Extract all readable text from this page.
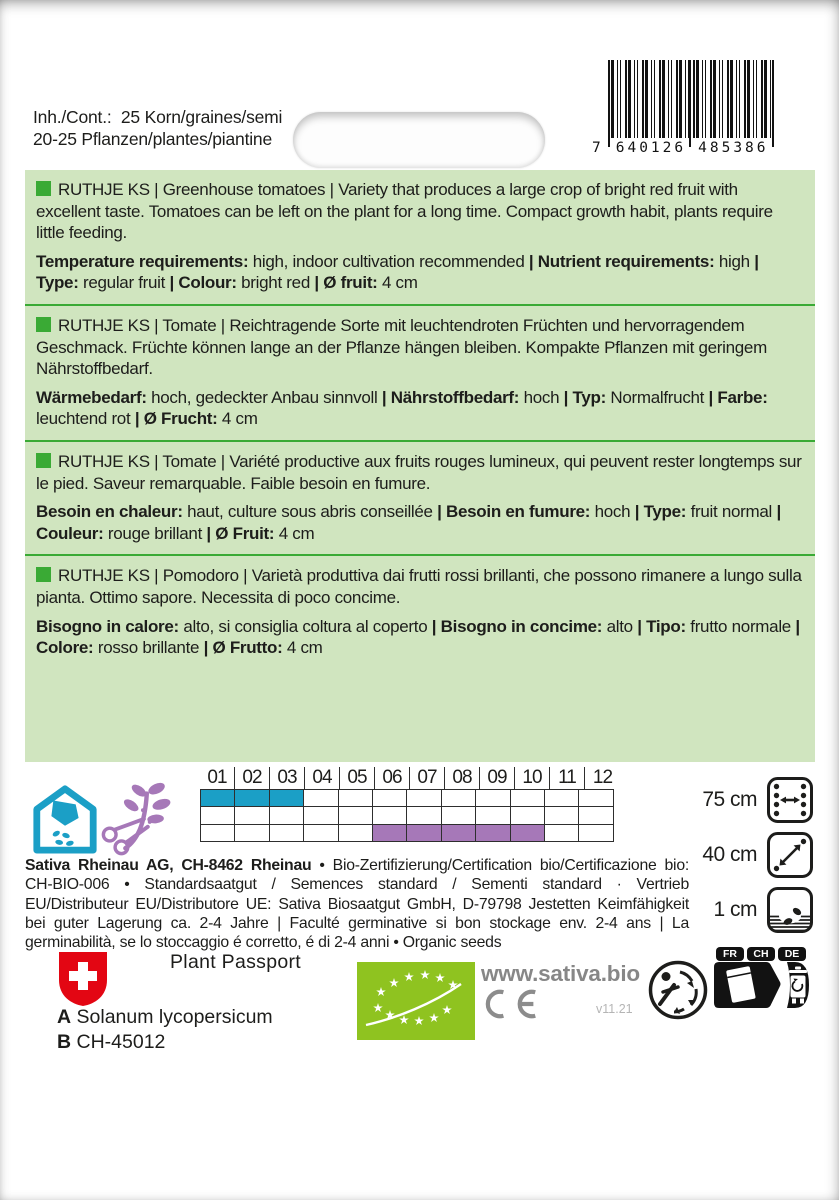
Inh./Cont.: 25 Korn/graines/semi
20-25 Pflanzen/plantes/piantine	7 640126 485386

RUTHJE KS | Greenhouse tomatoes | Variety that produces a large crop of bright red fruit with excellent taste. Tomatoes can be left on the plant for a long time. Compact growth habit, plants require little feeding.

Temperature requirements: high, indoor cultivation recommended | Nutrient requirements: high | Type: regular fruit | Colour: bright red | Ø fruit: 4 cm

RUTHJE KS | Tomate | Reichtragende Sorte mit leuchtendroten Früchten und hervorragendem Geschmack. Früchte können lange an der Pflanze hängen bleiben. Kompakte Pflanzen mit geringem Nährstoffbedarf.

Wärmebedarf: hoch, gedeckter Anbau sinnvoll | Nährstoffbedarf: hoch | Typ: Normalfrucht | Farbe: leuchtend rot | Ø Frucht: 4 cm

RUTHJE KS | Tomate | Variété productive aux fruits rouges lumineux, qui peuvent rester longtemps sur le pied. Saveur remarquable. Faible besoin en fumure.

Besoin en chaleur: haut, culture sous abris conseillée | Besoin en fumure: hoch | Type: fruit normal | Couleur: rouge brillant | Ø Fruit: 4 cm

RUTHJE KS | Pomodoro | Varietà produttiva dai frutti rossi brillanti, che possono rimanere a lungo sulla pianta. Ottimo sapore. Necessita di poco concime.

Bisogno in calore: alto, si consiglia coltura al coperto | Bisogno in concime: alto | Tipo: frutto normale | Colore: rosso brillante | Ø Frutto: 4 cm

01 02 03 04 05 06 07 08 09 10 11 12

75 cm
40 cm
1 cm
Sativa Rheinau AG, CH-8462 Rheinau • Bio-Zertifizierung/Certification bio/Certificazione bio: CH-BIO-006 • Standardsaatgut / Semences standard / Sementi standard · Vertrieb EU/Distributeur EU/Distributore UE: Sativa Biosaatgut GmbH, D-79798 Jestetten Keimfähigkeit bei guter Lagerung ca. 2-4 Jahre | Faculté germinative si bon stockage env. 2-4 ans | La germinabilità, se lo stoccaggio é corretto, é di 2-4 anni • Organic seeds
Plant Passport
A Solanum lycopersicum
B CH-45012
www.sativa.bio
v11.21
FR	CH	DE
